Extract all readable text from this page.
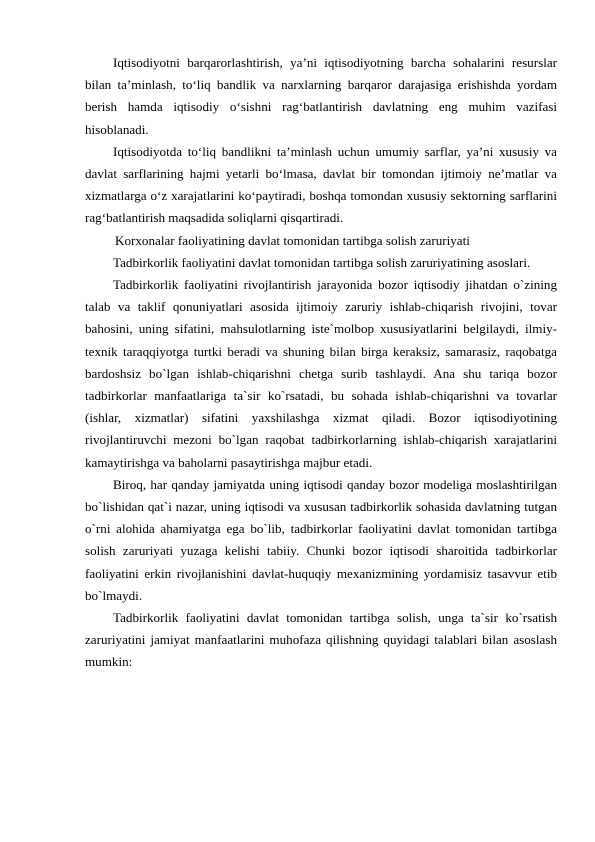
Iqtisodiyotni barqarorlashtirish, ya’ni iqtisodiyotning barcha sohalarini resurslar bilan ta’minlash, to‘liq bandlik va narxlarning barqaror darajasiga erishishda yordam berish hamda iqtisodiy o‘sishni rag‘batlantirish davlatning eng muhim vazifasi hisoblanadi.

Iqtisodiyotda to‘liq bandlikni ta’minlash uchun umumiy sarflar, ya’ni xususiy va davlat sarflarining hajmi yetarli bo‘lmasa, davlat bir tomondan ijtimoiy ne’matlar va xizmatlarga o‘z xarajatlarini ko‘paytiradi, boshqa tomondan xususiy sektorning sarflarini rag‘batlantirish maqsadida soliqlarni qisqartiradi.

Korxonalar faoliyatining davlat tomonidan tartibga solish zaruriyati

Tadbirkorlik faoliyatini davlat tomonidan tartibga solish zaruriyatining asoslari.

Tadbirkorlik faoliyatini rivojlantirish jarayonida bozor iqtisodiy jihatdan o`zining talab va taklif qonuniyatlari asosida ijtimoiy zaruriy ishlab-chiqarish rivojini, tovar bahosini, uning sifatini, mahsulotlarning iste`molbop xususiyatlarini belgilaydi, ilmiy-texnik taraqqiyotga turtki beradi va shuning bilan birga keraksiz, samarasiz, raqobatga bardoshsiz bo`lgan ishlab-chiqarishni chetga surib tashlaydi. Ana shu tariqa bozor tadbirkorlar manfaatlariga ta`sir ko`rsatadi, bu sohada ishlab-chiqarishni va tovarlar (ishlar, xizmatlar) sifatini yaxshilashga xizmat qiladi. Bozor iqtisodiyotining rivojlantiruvchi mezoni bo`lgan raqobat tadbirkorlarning ishlab-chiqarish xarajatlarini kamaytirishga va baholarni pasaytirishga majbur etadi.

Biroq, har qanday jamiyatda uning iqtisodi qanday bozor modeliga moslashtirilgan bo`lishidan qat`i nazar, uning iqtisodi va xususan tadbirkorlik sohasida davlatning tutgan o`rni alohida ahamiyatga ega bo`lib, tadbirkorlar faoliyatini davlat tomonidan tartibga solish zaruriyati yuzaga kelishi tabiiy. Chunki bozor iqtisodi sharoitida tadbirkorlar faoliyatini erkin rivojlanishini davlat-huquqiy mexanizmining yordamisiz tasavvur etib bo`lmaydi.

Tadbirkorlik faoliyatini davlat tomonidan tartibga solish, unga ta`sir ko`rsatish zaruriyatini jamiyat manfaatlarini muhofaza qilishning quyidagi talablari bilan asoslash mumkin:
